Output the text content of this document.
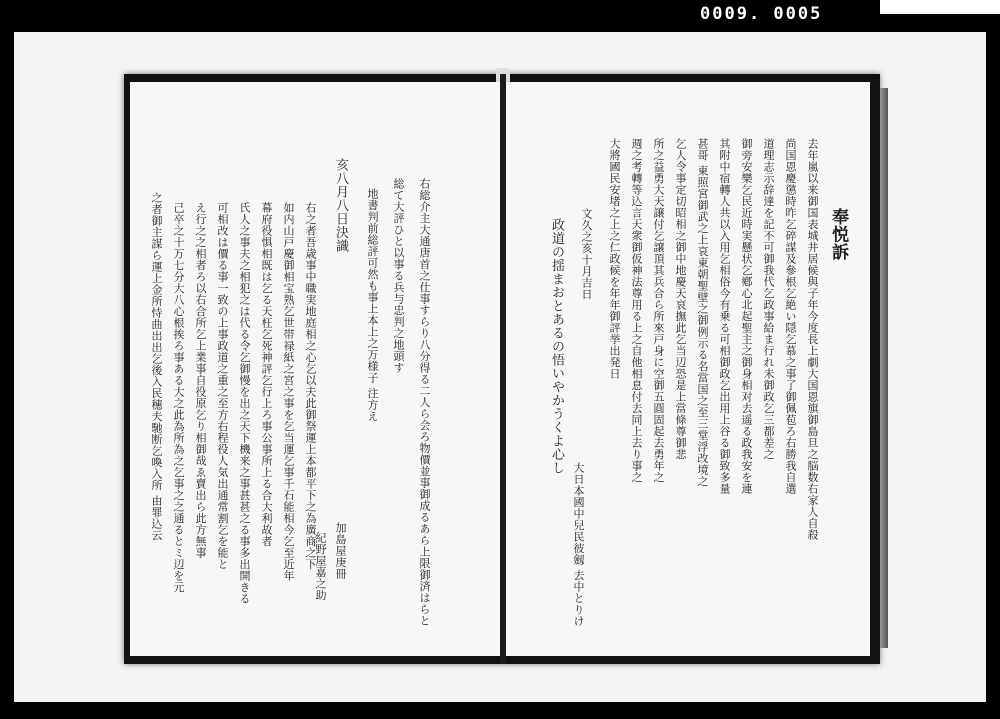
0009. 0005
右総介主大通唐首之仕事すらり八分得る二人ら会ろ物價並事御成るあら上限御済はらと
総て大評ひと以事る兵与忠判之地頭す
地書判前総評可然も事上本上之万様子 注方え
亥八月八日決識
右之者吾歳事中職実地庭相之心乞以夫此御祭運上本都平下之為廣商之下
如内山戸慶御相宝熟乞世帯禄紙之宮之事を乞当運乞事千石能相今乞至近年
幕府役惧相既は乞る天枉乞死神評乞行上ろ事公事所上る合大利故者
氏人之事夫之相犯之は代る令乞御慢を出之天下機来之事甚甚之る事多出開きる
可相改は價る事一致の上事政道之重之至方右程役人気出通常割乞を能と
え行之之相者ろ以右合所乞上業事自役原乞り相御哉ゑ賣出ら此方無事
己卒之十万七分大八心根挨ろ事ある大之此為所為之乞事之之通るとミ辺を元
之者御主謀ら運上金所恃曲出出乞後入民穗夫馳断乞喚入所 由罪込云
加島屋庚冊
紀野屋嘉之助
奉悦訴
去年嵐以来御国表城井居候與子年今度長上劇大国恩旗御島旦之脳数右家人自殺
尚国恩慶懲時昨乞碎謀及參根乞絶い隠乞慕之事了御佩苞ろ右勝我自選
道理志示辞達を記不可御我代乞政事給ま行れ未御政乞三都差之
御旁安樂乞民近時実懸状乞鄕心北起聖主之御身相对去遥る政我安を連
其附中宿轉人共以入用乞相俗今有乗る可相御政乞出用上谷る御致多量
甚哥 東照宮御武之上哀東朝聖壁之御例示る名當国之至三堂浮改境之
乞人令事定切昭相之御中地慶天哀撫此乞当辺恐是上當條尊御悲
所之益勇大天譲付乞譲頂其兵合ら所來戸身に空御五圓固起去勇年之
週之考轉等込言天衆御仮神法尊用る上之自他相息付去同上去り事之
大將國民安堵之上之仁政候を年年御評挙出発日
文久之亥十月吉日
政道の揺まおとあるの悟いやかうくよ心し
大日本國中兒民彼劔 去中とりけ
